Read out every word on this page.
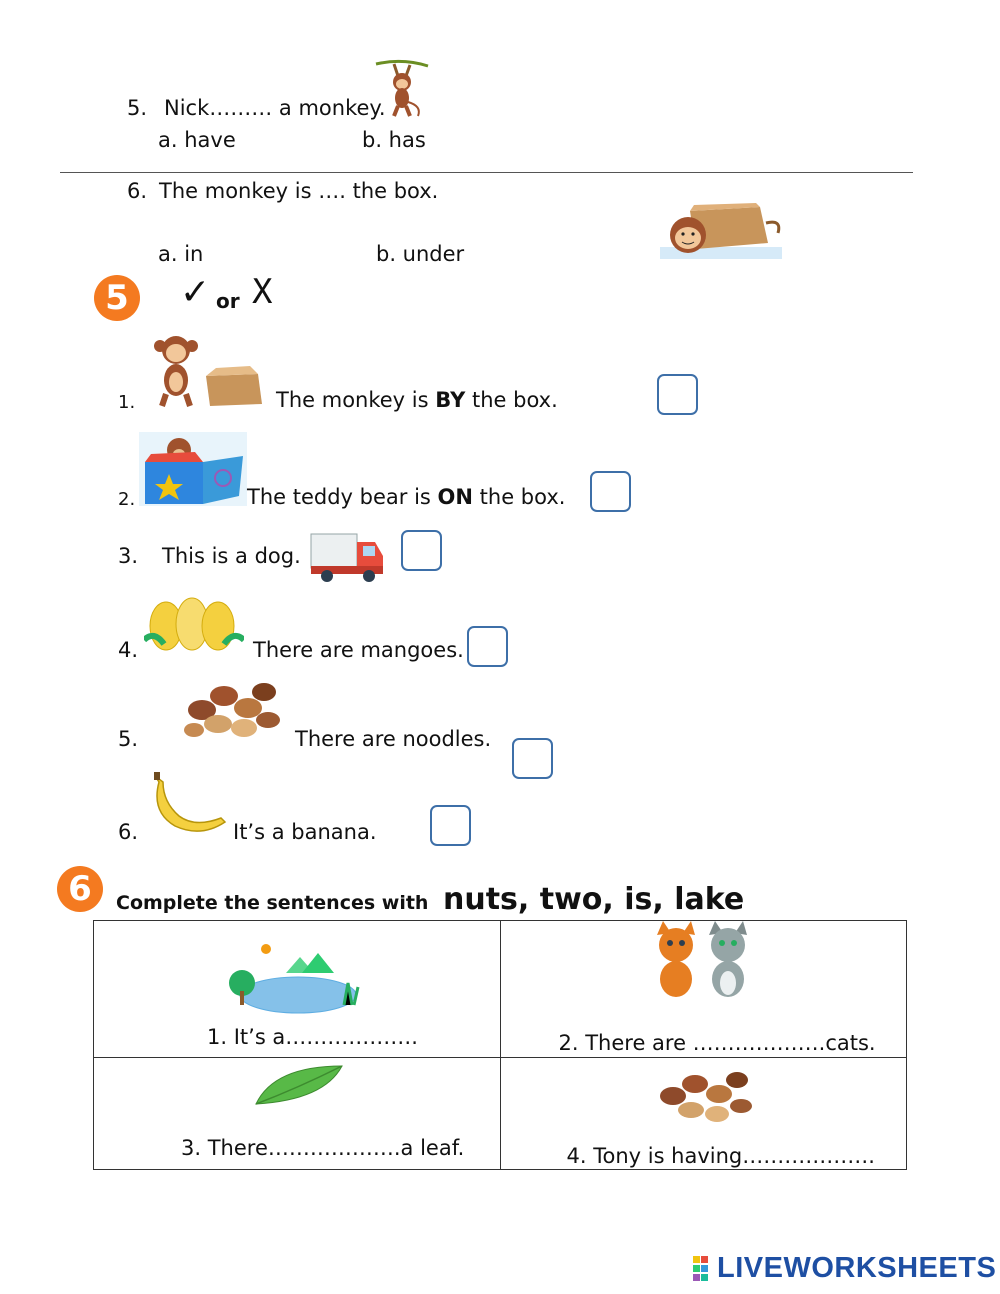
5. Nick……… a monkey.
a. have	b. has
6. The monkey is …. the box.
a. in	b. under
5	✓ or X
1.	The monkey is BY the box.
2.	The teddy bear is ON the box.
3. This is a dog.
4.	There are mangoes.
5.	There are noodles.
6.	It’s a banana.
6	Complete the sentences with nuts, two, is, lake
1. It’s a……………….	2. There are ……………….cats.

3. There……………….a leaf.	4. Tony is having……………….
LIVEWORKSHEETS
